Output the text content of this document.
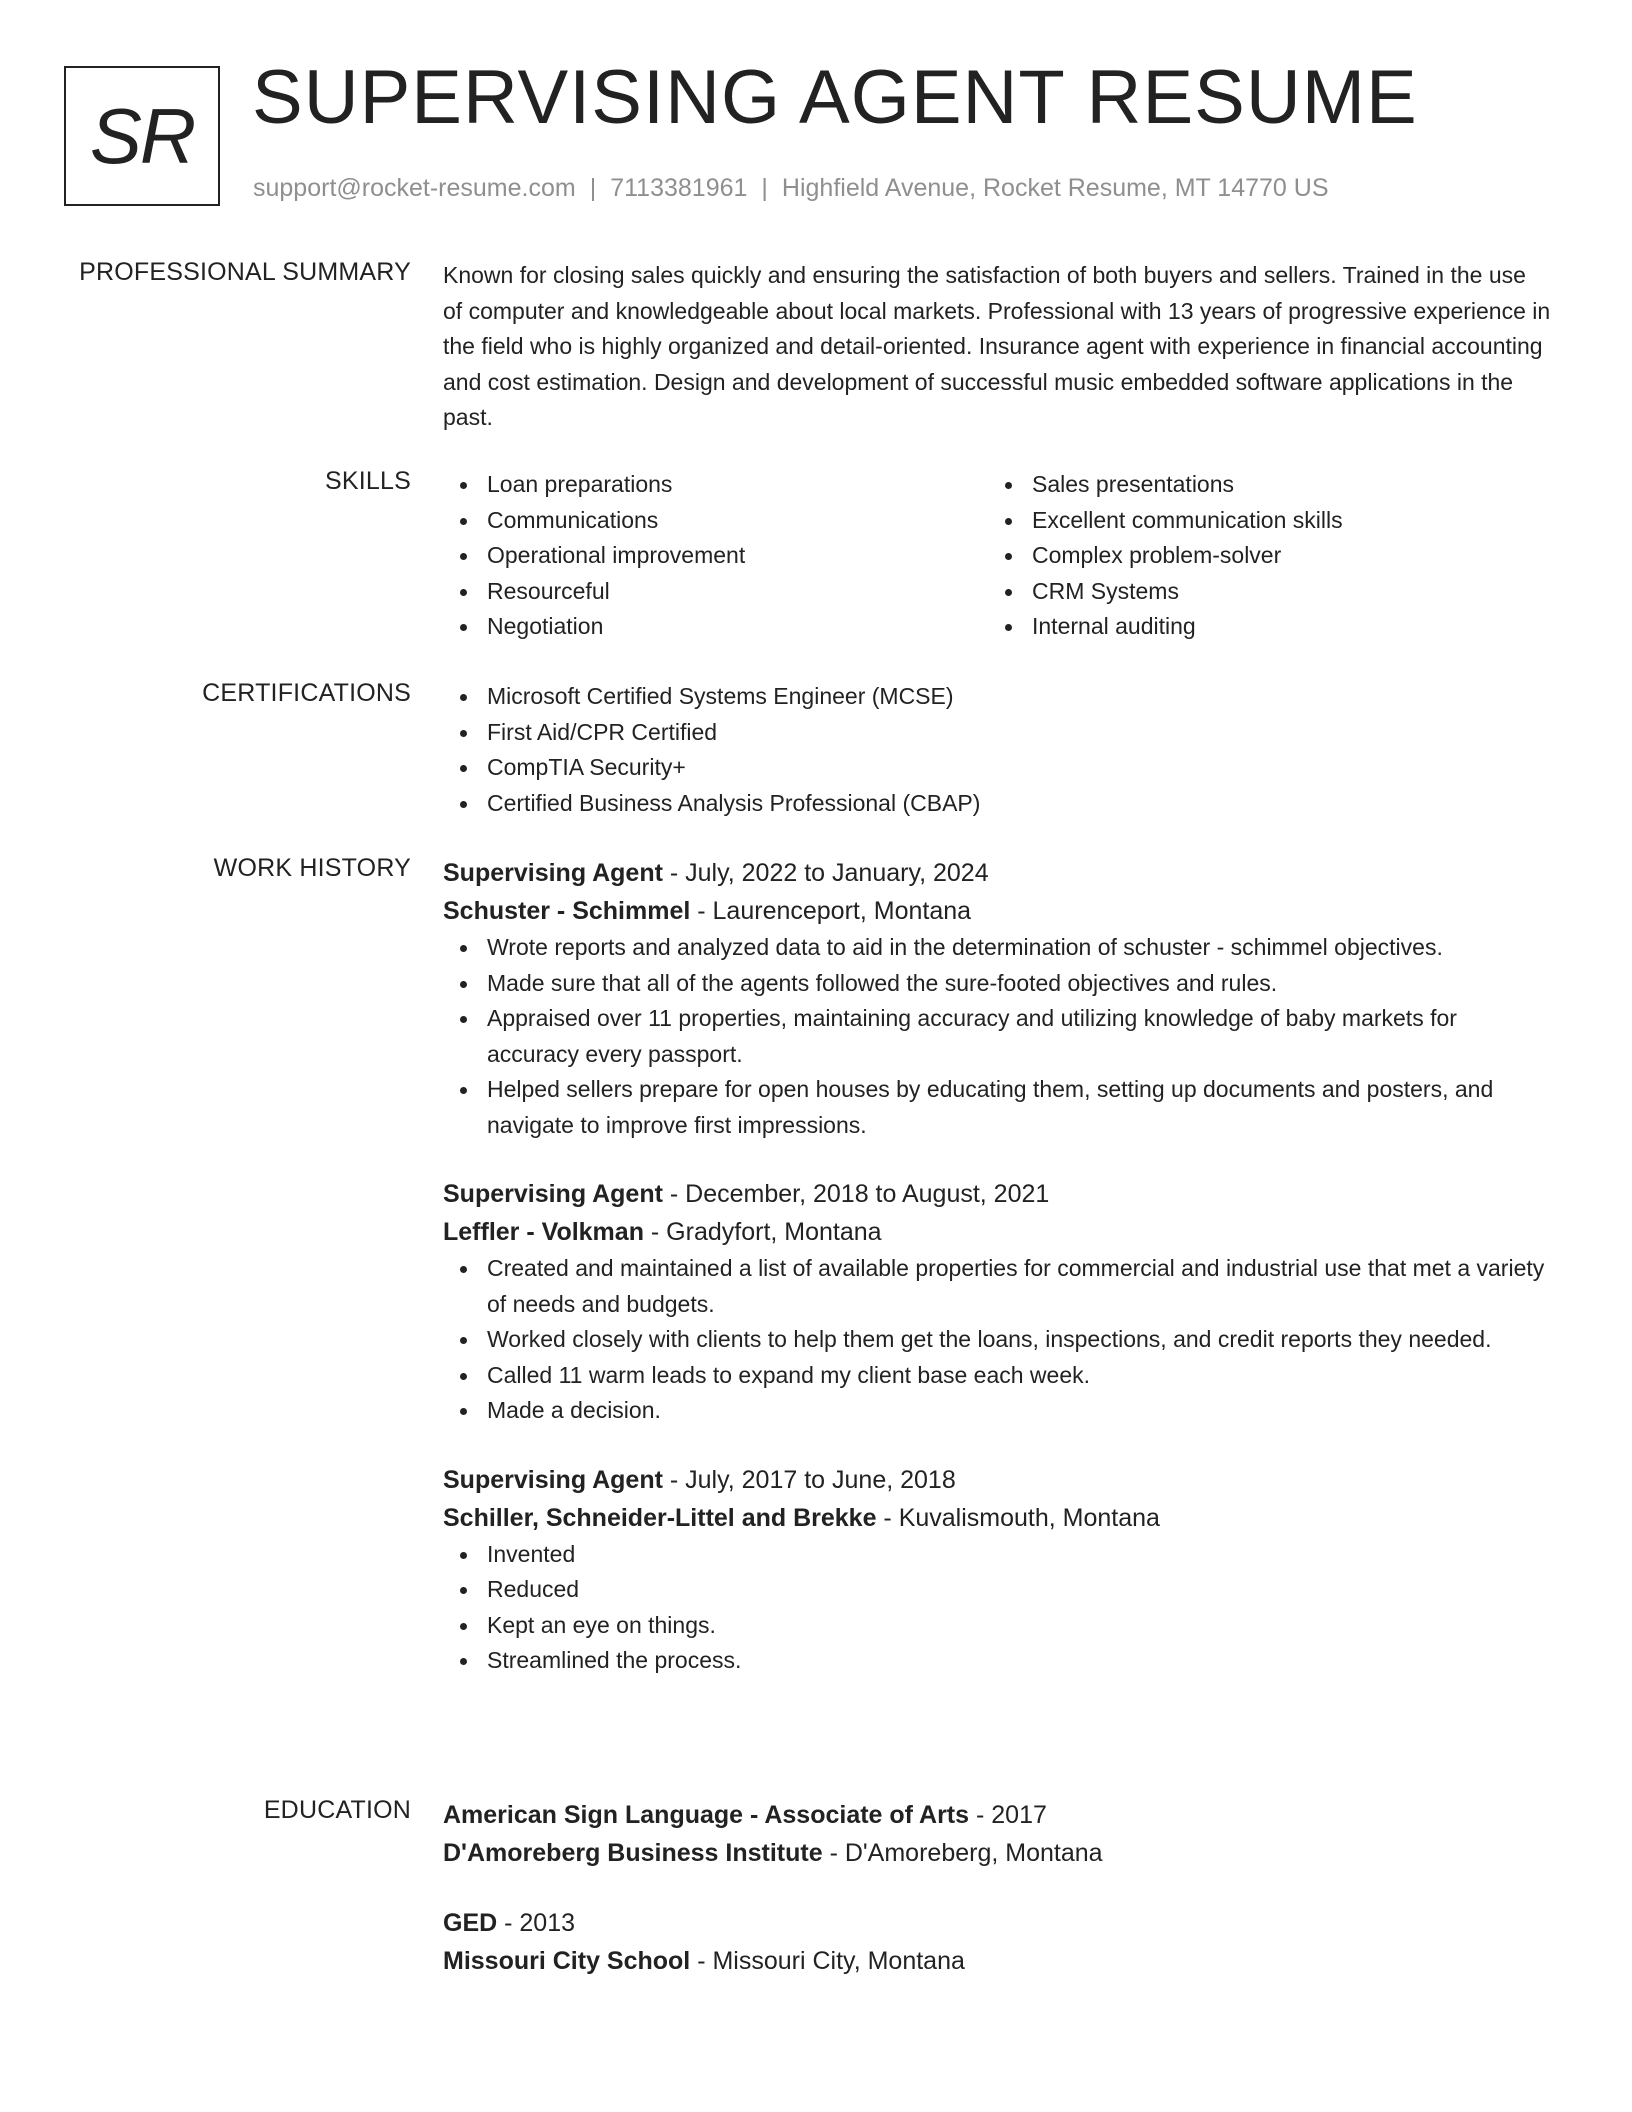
SR SUPERVISING AGENT RESUME
support@rocket-resume.com | 7113381961 | Highfield Avenue, Rocket Resume, MT 14770 US
PROFESSIONAL SUMMARY Known for closing sales quickly and ensuring the satisfaction of both buyers and sellers. Trained in the use of computer and knowledgeable about local markets. Professional with 13 years of progressive experience in the field who is highly organized and detail-oriented. Insurance agent with experience in financial accounting and cost estimation. Design and development of successful music embedded software applications in the past.
SKILLS	Loan preparations
Communications
Operational improvement
Resourceful
Negotiation
Sales presentations
Excellent communication skills
Complex problem-solver
CRM Systems
Internal auditing
CERTIFICATIONS	Microsoft Certified Systems Engineer (MCSE)
First Aid/CPR Certified
CompTIA Security+
Certified Business Analysis Professional (CBAP)
WORK HISTORY Supervising Agent - July, 2022 to January, 2024
Schuster - Schimmel - Laurenceport, Montana
Wrote reports and analyzed data to aid in the determination of schuster - schimmel objectives.
Made sure that all of the agents followed the sure-footed objectives and rules.
Appraised over 11 properties, maintaining accuracy and utilizing knowledge of baby markets for accuracy every passport.
Helped sellers prepare for open houses by educating them, setting up documents and posters, and navigate to improve first impressions.
Supervising Agent - December, 2018 to August, 2021
Leffler - Volkman - Gradyfort, Montana
Created and maintained a list of available properties for commercial and industrial use that met a variety of needs and budgets.
Worked closely with clients to help them get the loans, inspections, and credit reports they needed.
Called 11 warm leads to expand my client base each week.
Made a decision.
Supervising Agent - July, 2017 to June, 2018
Schiller, Schneider-Littel and Brekke - Kuvalismouth, Montana
Invented
Reduced
Kept an eye on things.
Streamlined the process.
EDUCATION American Sign Language - Associate of Arts - 2017
D'Amoreberg Business Institute - D'Amoreberg, Montana
GED - 2013
Missouri City School - Missouri City, Montana
